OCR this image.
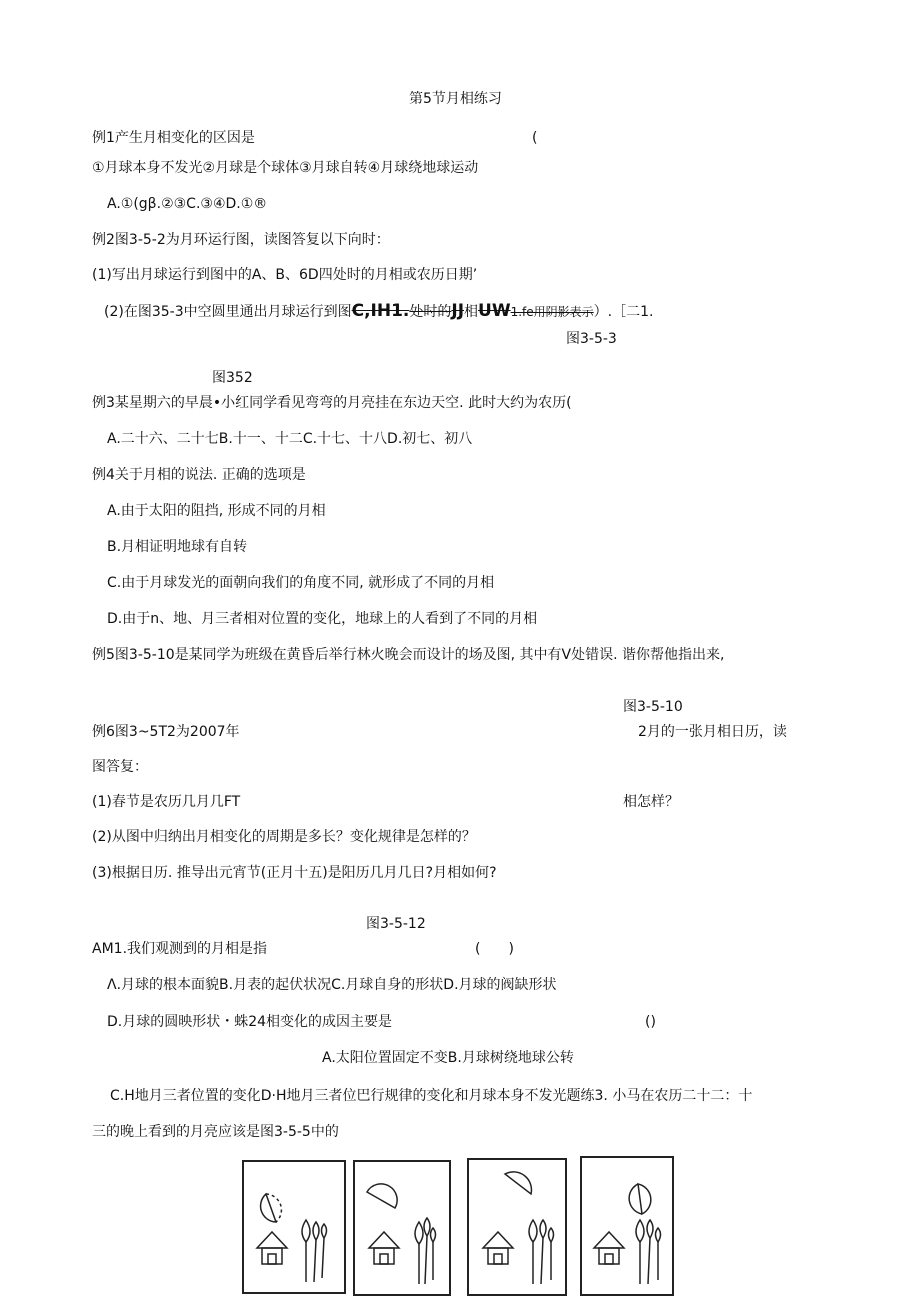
第5节月相练习
例1产生月相变化的区因是	(
①月球本身不发光②月球是个球体③月球自转④月球绕地球运动
A.①(gβ.②③C.③④D.①®
例2图3-5-2为月环运行图，读图答复以下向时：
(1)写出月球运行到图中的A、B、6D四处时的月相或农历日期’
(2)在图35-3中空圆里通出月球运行到图C,IH1.处时的JJ相UW1.fe用阴影表示）.［二1.
图3-5-3
图352
例3某星期六的早晨•小红同学看见弯弯的月亮挂在东边天空. 此时大约为农历(
A.二十六、二十七B.十一、十二C.十七、十八D.初七、初八
例4关于月相的说法. 正确的选项是
A.由于太阳的阻挡, 形成不同的月相
B.月相证明地球有自转
C.由于月球发光的面朝向我们的角度不同, 就形成了不同的月相
D.由于n、地、月三者相对位置的变化，地球上的人看到了不同的月相
例5图3-5-10是某同学为班级在黄昏后举行林火晚会而设计的场及图, 其中有V处错误. 谐你帮他指出来,
图3-5-10
例6图3~5T2为2007年	2月的一张月相日历，读
图答复：
(1)春节是农历几月几FT	相怎样？
(2)从图中归纳出月相变化的周期是多长？变化规律是怎样的？
(3)根据日历. 推导出元宵节(正月十五)是阳历几月几日?月相如何?
图3-5-12
AM1.我们观测到的月相是指	(　　)
Λ.月球的根本面貌B.月表的起伏状况C.月球自身的形状D.月球的阀缺形状
D.月球的圆映形状・蛛24相变化的成因主要是	()
A.太阳位置固定不变B.月球树绕地球公转
C.H地月三者位置的变化D·H地月三者位巴行规律的变化和月球本身不发光题练3. 小马在农历二十二：十
三的晚上看到的月亮应该是图3-5-5中的
